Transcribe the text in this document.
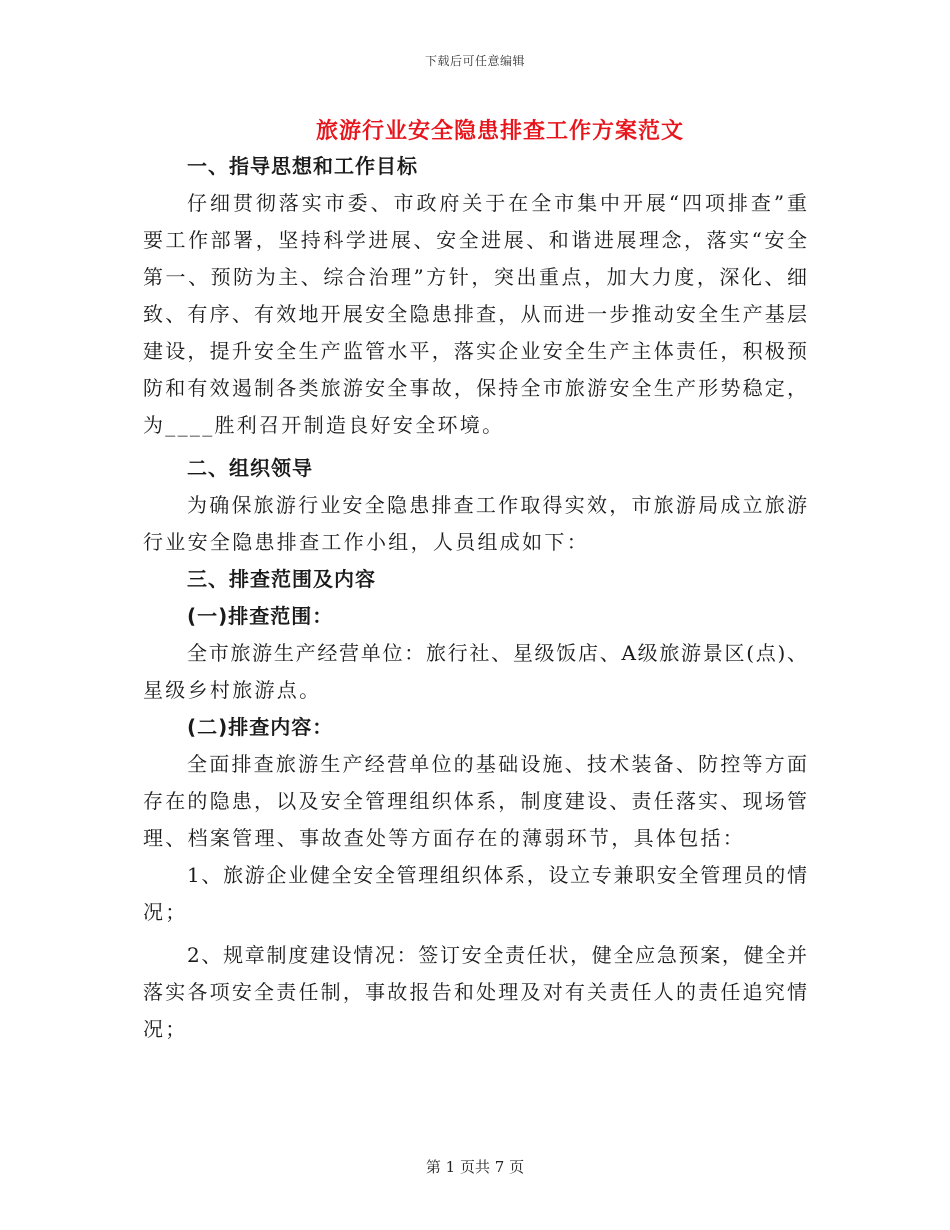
下载后可任意编辑
旅游行业安全隐患排查工作方案范文
一、指导思想和工作目标
仔细贯彻落实市委、市政府关于在全市集中开展“四项排查”重
要工作部署，坚持科学进展、安全进展、和谐进展理念，落实“安全
第一、预防为主、综合治理”方针，突出重点，加大力度，深化、细
致、有序、有效地开展安全隐患排查，从而进一步推动安全生产基层
建设，提升安全生产监管水平，落实企业安全生产主体责任，积极预
防和有效遏制各类旅游安全事故，保持全市旅游安全生产形势稳定，
为____胜利召开制造良好安全环境。
二、组织领导
为确保旅游行业安全隐患排查工作取得实效，市旅游局成立旅游
行业安全隐患排查工作小组，人员组成如下：
三、排查范围及内容
(一)排查范围：
全市旅游生产经营单位：旅行社、星级饭店、A级旅游景区(点)、
星级乡村旅游点。
(二)排查内容：
全面排查旅游生产经营单位的基础设施、技术装备、防控等方面
存在的隐患，以及安全管理组织体系，制度建设、责任落实、现场管
理、档案管理、事故查处等方面存在的薄弱环节，具体包括：
1、旅游企业健全安全管理组织体系，设立专兼职安全管理员的情
况；
2、规章制度建设情况：签订安全责任状，健全应急预案，健全并
落实各项安全责任制，事故报告和处理及对有关责任人的责任追究情
况；
第 1 页共 7 页
